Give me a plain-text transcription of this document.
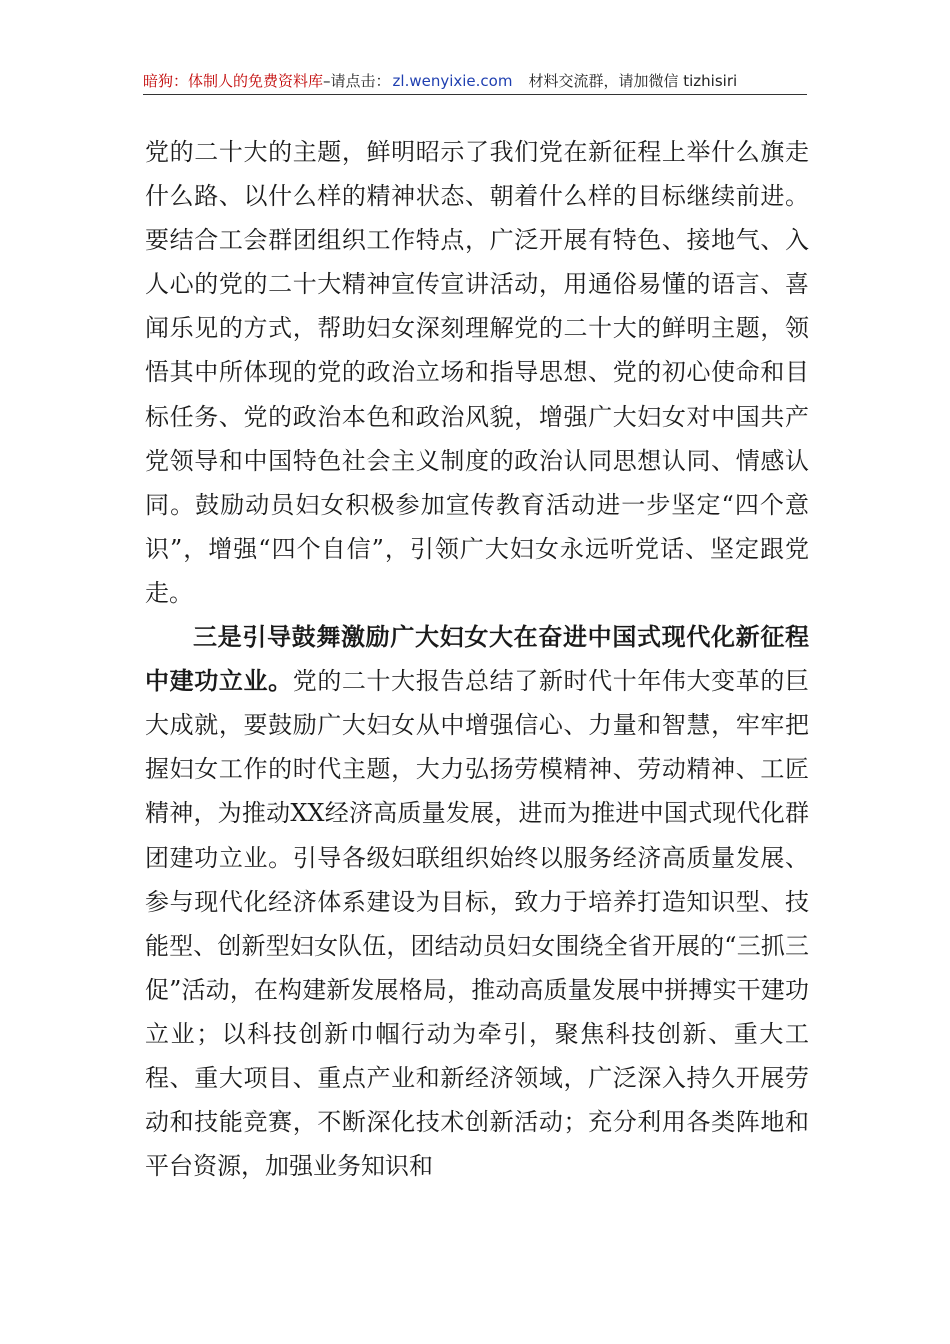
暗狗：体制人的免费资料库–请点击： zl.wenyixie.com 材料交流群，请加微信 tizhisiri

党的二十大的主题，鲜明昭示了我们党在新征程上举什么旗走什么路、以什么样的精神状态、朝着什么样的目标继续前进。要结合工会群团组织工作特点，广泛开展有特色、接地气、入人心的党的二十大精神宣传宣讲活动，用通俗易懂的语言、喜闻乐见的方式，帮助妇女深刻理解党的二十大的鲜明主题，领悟其中所体现的党的政治立场和指导思想、党的初心使命和目标任务、党的政治本色和政治风貌，增强广大妇女对中国共产党领导和中国特色社会主义制度的政治认同思想认同、情感认同。鼓励动员妇女积极参加宣传教育活动进一步坚定“四个意识”，增强“四个自信”，引领广大妇女永远听党话、坚定跟党走。

三是引导鼓舞激励广大妇女大在奋进中国式现代化新征程中建功立业。党的二十大报告总结了新时代十年伟大变革的巨大成就，要鼓励广大妇女从中增强信心、力量和智慧，牢牢把握妇女工作的时代主题，大力弘扬劳模精神、劳动精神、工匠精神，为推动XX经济高质量发展，进而为推进中国式现代化群团建功立业。引导各级妇联组织始终以服务经济高质量发展、参与现代化经济体系建设为目标，致力于培养打造知识型、技能型、创新型妇女队伍，团结动员妇女围绕全省开展的“三抓三促”活动，在构建新发展格局，推动高质量发展中拼搏实干建功立业；以科技创新巾帼行动为牵引，聚焦科技创新、重大工程、重大项目、重点产业和新经济领域，广泛深入持久开展劳动和技能竞赛，不断深化技术创新活动；充分利用各类阵地和平台资源，加强业务知识和
